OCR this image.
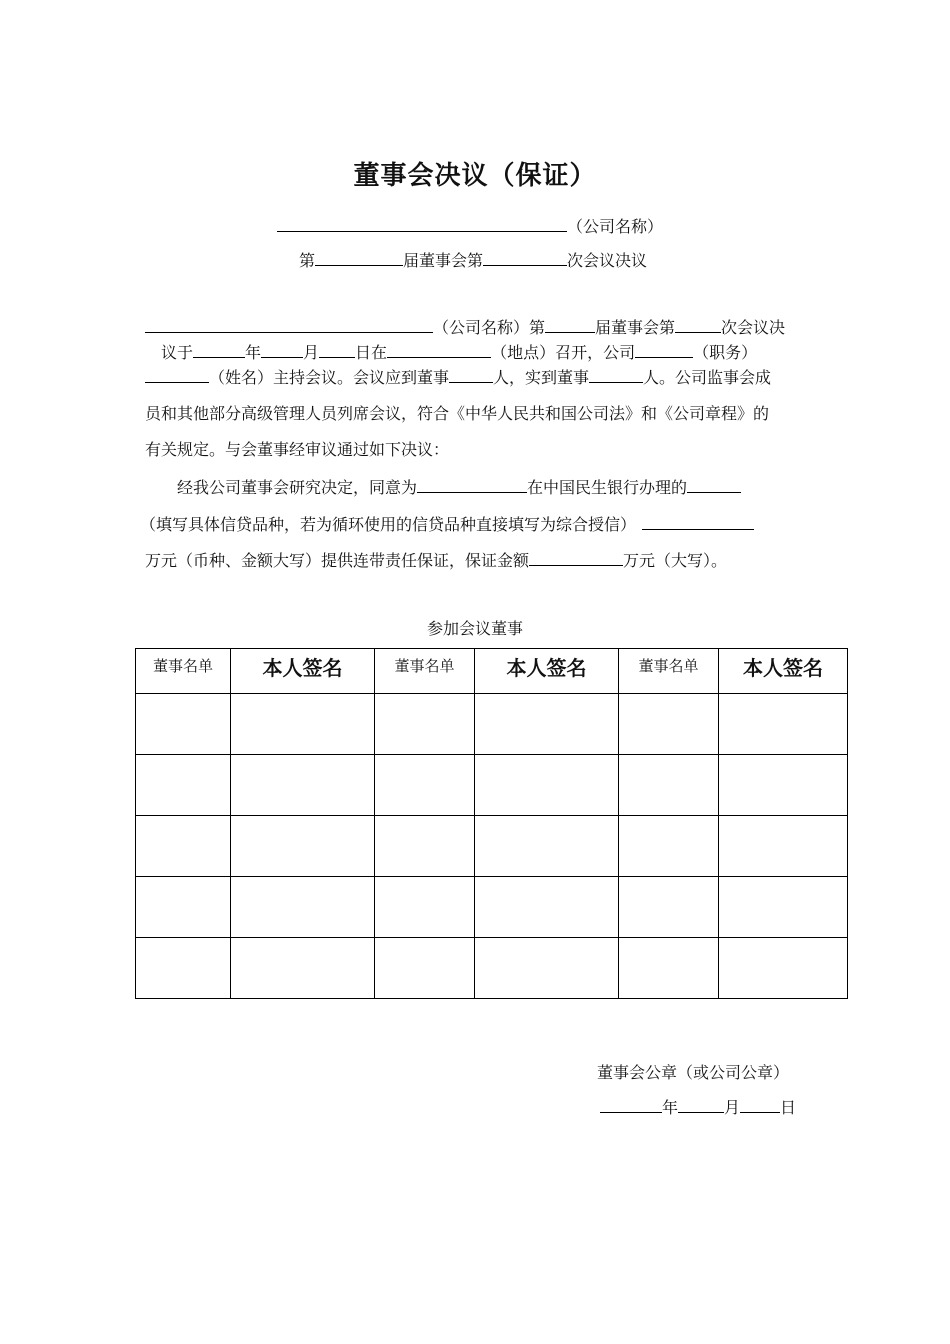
董事会决议（保证）
（公司名称）
第	届董事会第	次会议决议
（公司名称）第	届董事会第	次会议决
议于	年	月 日在	（地点）召开，公司	（职务）
（姓名）主持会议。会议应到董事	人，实到董事	人。公司监事会成
员和其他部分高级管理人员列席会议，符合《中华人民共和国公司法》和《公司章程》的
有关规定。与会董事经审议通过如下决议：
经我公司董事会研究决定，同意为	在中国民生银行办理的
（填写具体信贷品种，若为循环使用的信贷品种直接填写为综合授信）
万元（币种、金额大写）提供连带责任保证，保证金额	万元（大写）。
参加会议董事
董事名单	本人签名	董事名单	本人签名	董事名单	本人签名

董事会公章（或公司公章）
年	月	日
